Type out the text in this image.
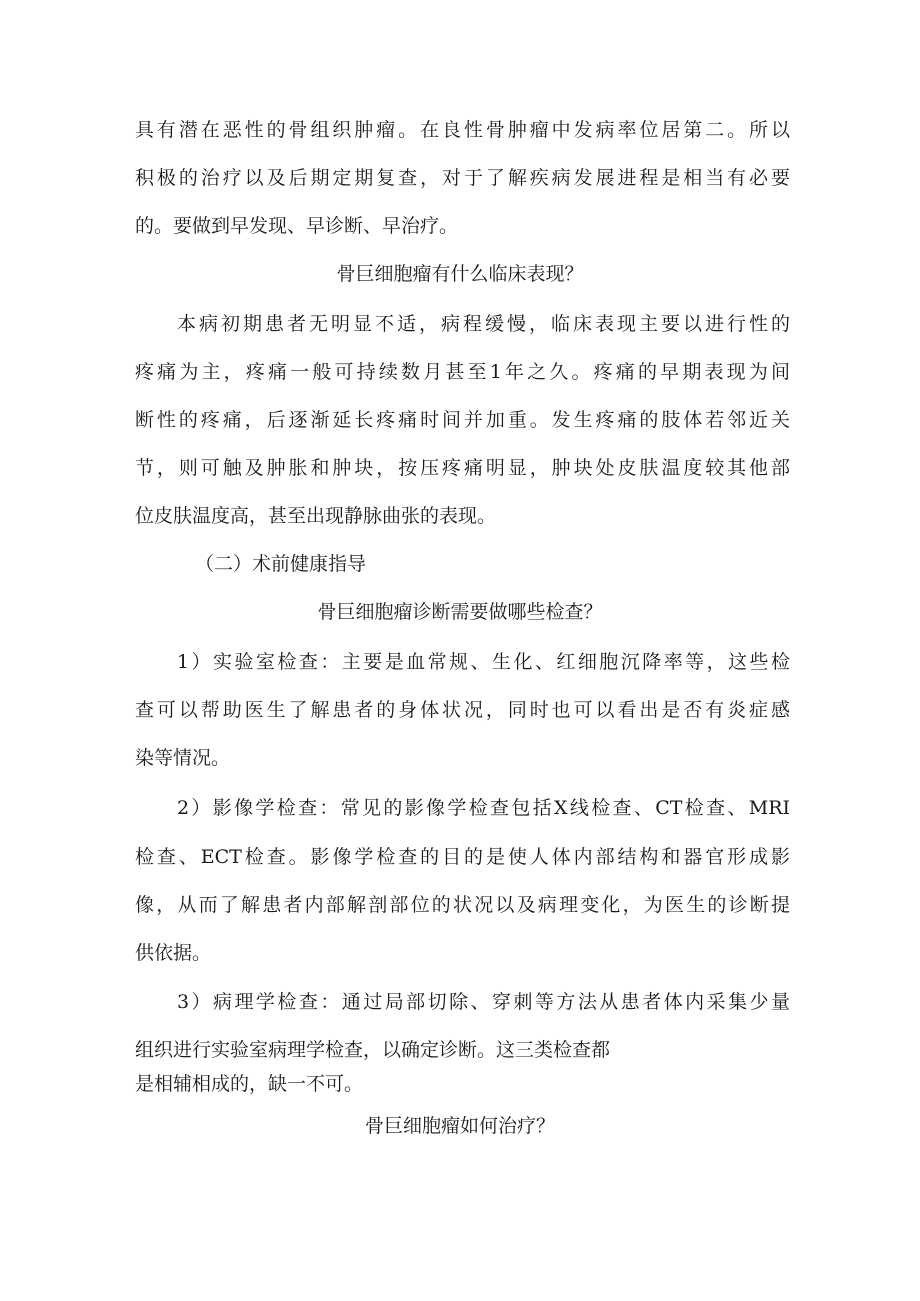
具有潜在恶性的骨组织肿瘤。在良性骨肿瘤中发病率位居第二。所以
积极的治疗以及后期定期复查，对于了解疾病发展进程是相当有必要
的。要做到早发现、早诊断、早治疗。
骨巨细胞瘤有什么临床表现？
本病初期患者无明显不适，病程缓慢，临床表现主要以进行性的
疼痛为主，疼痛一般可持续数月甚至1年之久。疼痛的早期表现为间
断性的疼痛，后逐渐延长疼痛时间并加重。发生疼痛的肢体若邻近关
节，则可触及肿胀和肿块，按压疼痛明显，肿块处皮肤温度较其他部
位皮肤温度高，甚至出现静脉曲张的表现。
（二）术前健康指导
骨巨细胞瘤诊断需要做哪些检查？
1）实验室检查：主要是血常规、生化、红细胞沉降率等，这些检
查可以帮助医生了解患者的身体状况，同时也可以看出是否有炎症感
染等情况。
2）影像学检查：常见的影像学检查包括X线检查、CT检查、MRI
检查、ECT检查。影像学检查的目的是使人体内部结构和器官形成影
像，从而了解患者内部解剖部位的状况以及病理变化，为医生的诊断提
供依据。
3）病理学检查：通过局部切除、穿刺等方法从患者体内采集少量
组织进行实验室病理学检查，以确定诊断。这三类检查都
是相辅相成的，缺一不可。
骨巨细胞瘤如何治疗？
